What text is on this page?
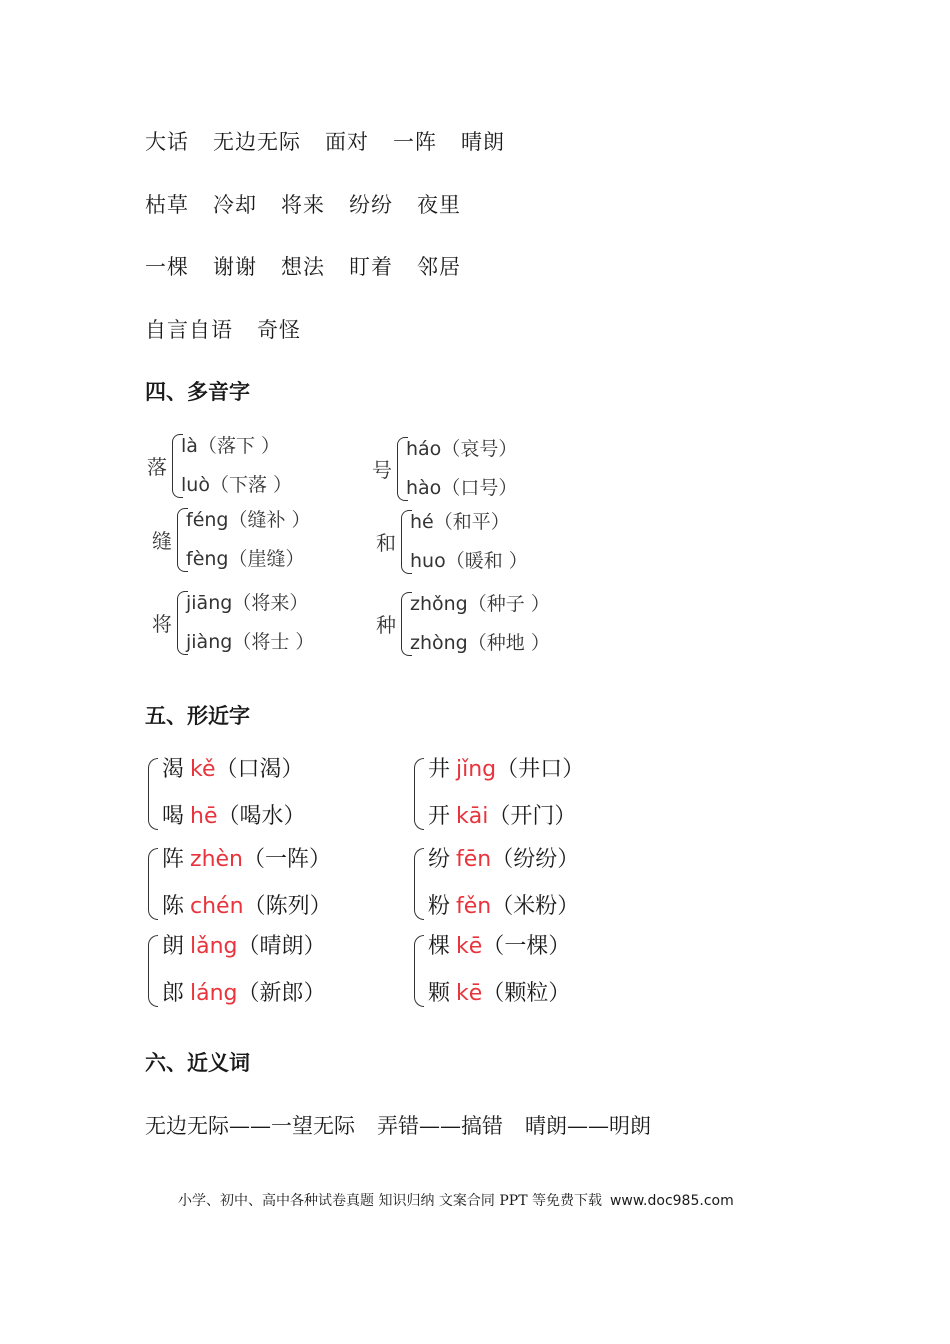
大话 无边无际 面对 一阵 晴朗
枯草 冷却 将来 纷纷 夜里
一棵 谢谢 想法 盯着 邻居
自言自语 奇怪
四、多音字
落
là（落下 ）
luò（下落 ）
号
háo（哀号）
hào（口号）
缝
féng（缝补 ）
fèng（崖缝）
和
hé（和平）
huo（暖和 ）
将
jiāng（将来）
jiàng（将士 ）
种
zhǒng（种子 ）
zhòng（种地 ）
五、形近字
渴 kě（口渴）
喝 hē（喝水）
阵 zhèn（一阵）
陈 chén（陈列）
朗 lǎng（晴朗）
郎 láng（新郎）
井 jǐng（井口）
开 kāi（开门）
纷 fēn（纷纷）
粉 fěn（米粉）
棵 kē（一棵）
颗 kē（颗粒）
六、近义词
无边无际——一望无际 弄错——搞错 晴朗——明朗
小学、初中、高中各种试卷真题 知识归纳 文案合同 PPT 等免费下载 www.doc985.com
